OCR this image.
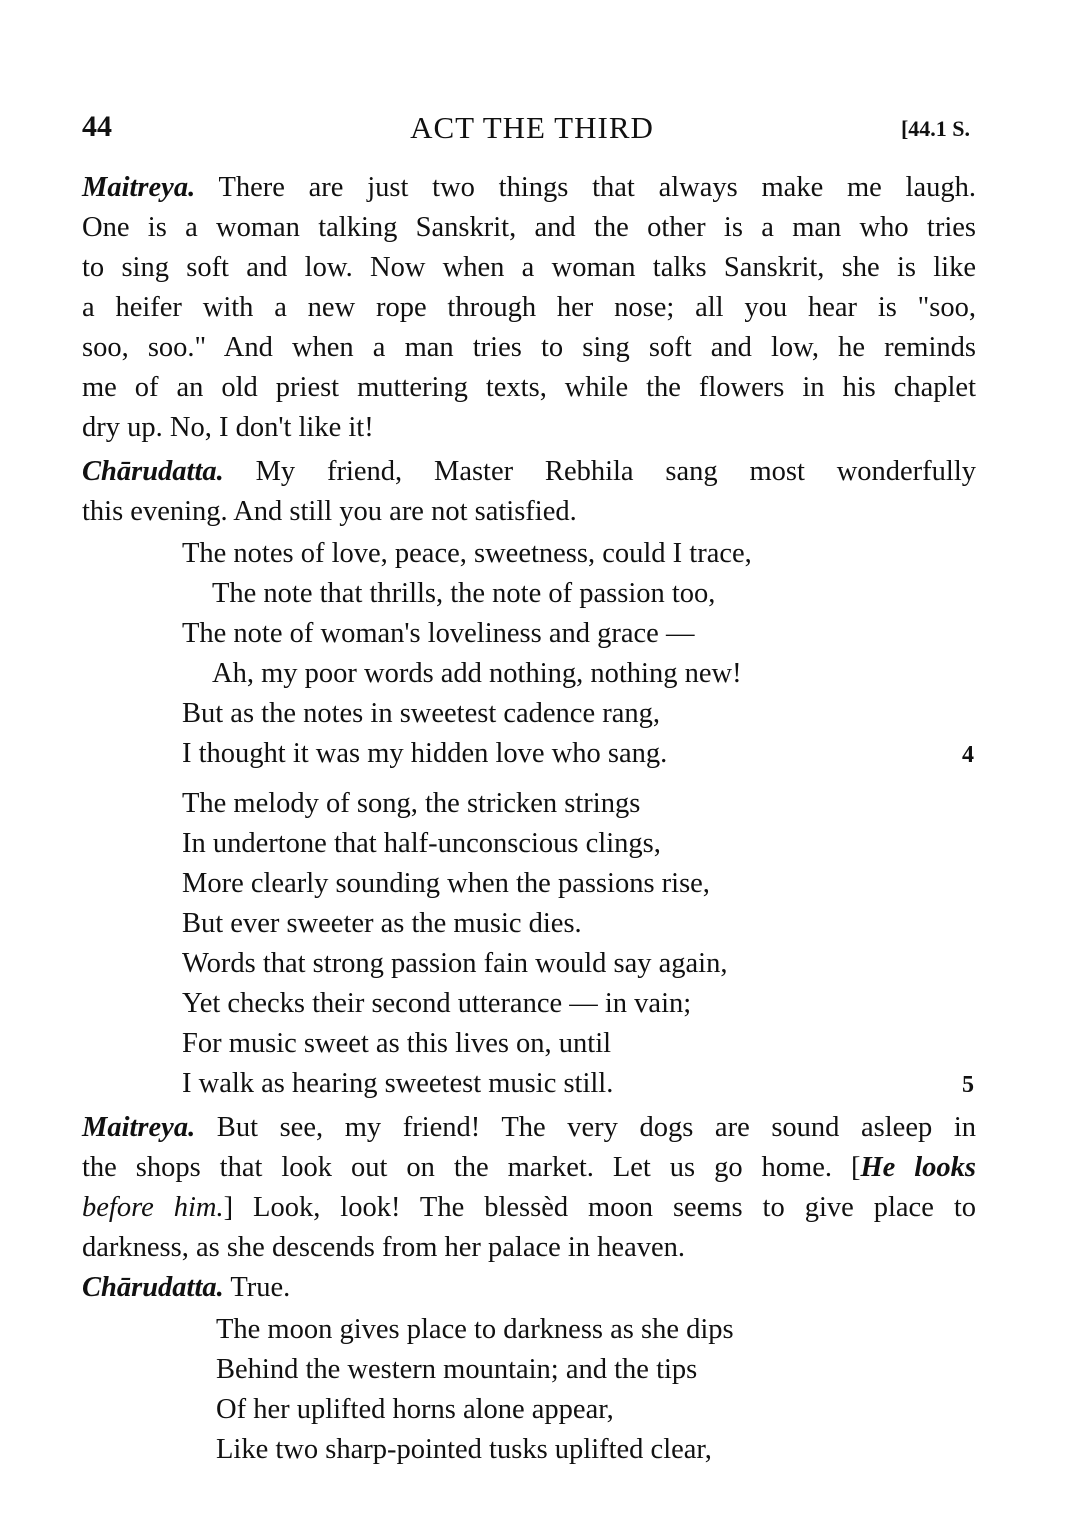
44	ACT THE THIRD	[44.1 S.
Maitreya. There are just two things that always make me laugh.
One is a woman talking Sanskrit, and the other is a man who tries
to sing soft and low. Now when a woman talks Sanskrit, she is like
a heifer with a new rope through her nose; all you hear is "soo,
soo, soo." And when a man tries to sing soft and low, he reminds
me of an old priest muttering texts, while the flowers in his chaplet
dry up. No, I don't like it!
Chārudatta. My friend, Master Rebhila sang most wonderfully
this evening. And still you are not satisfied.
The notes of love, peace, sweetness, could I trace,
The note that thrills, the note of passion too,
The note of woman's loveliness and grace —
Ah, my poor words add nothing, nothing new!
But as the notes in sweetest cadence rang,
I thought it was my hidden love who sang.	4
The melody of song, the stricken strings
In undertone that half-unconscious clings,
More clearly sounding when the passions rise,
But ever sweeter as the music dies.
Words that strong passion fain would say again,
Yet checks their second utterance — in vain;
For music sweet as this lives on, until
I walk as hearing sweetest music still.	5
Maitreya. But see, my friend! The very dogs are sound asleep in
the shops that look out on the market. Let us go home. [He looks
before him.] Look, look! The blessèd moon seems to give place to
darkness, as she descends from her palace in heaven.
Chārudatta. True.
The moon gives place to darkness as she dips
Behind the western mountain; and the tips
Of her uplifted horns alone appear,
Like two sharp-pointed tusks uplifted clear,
